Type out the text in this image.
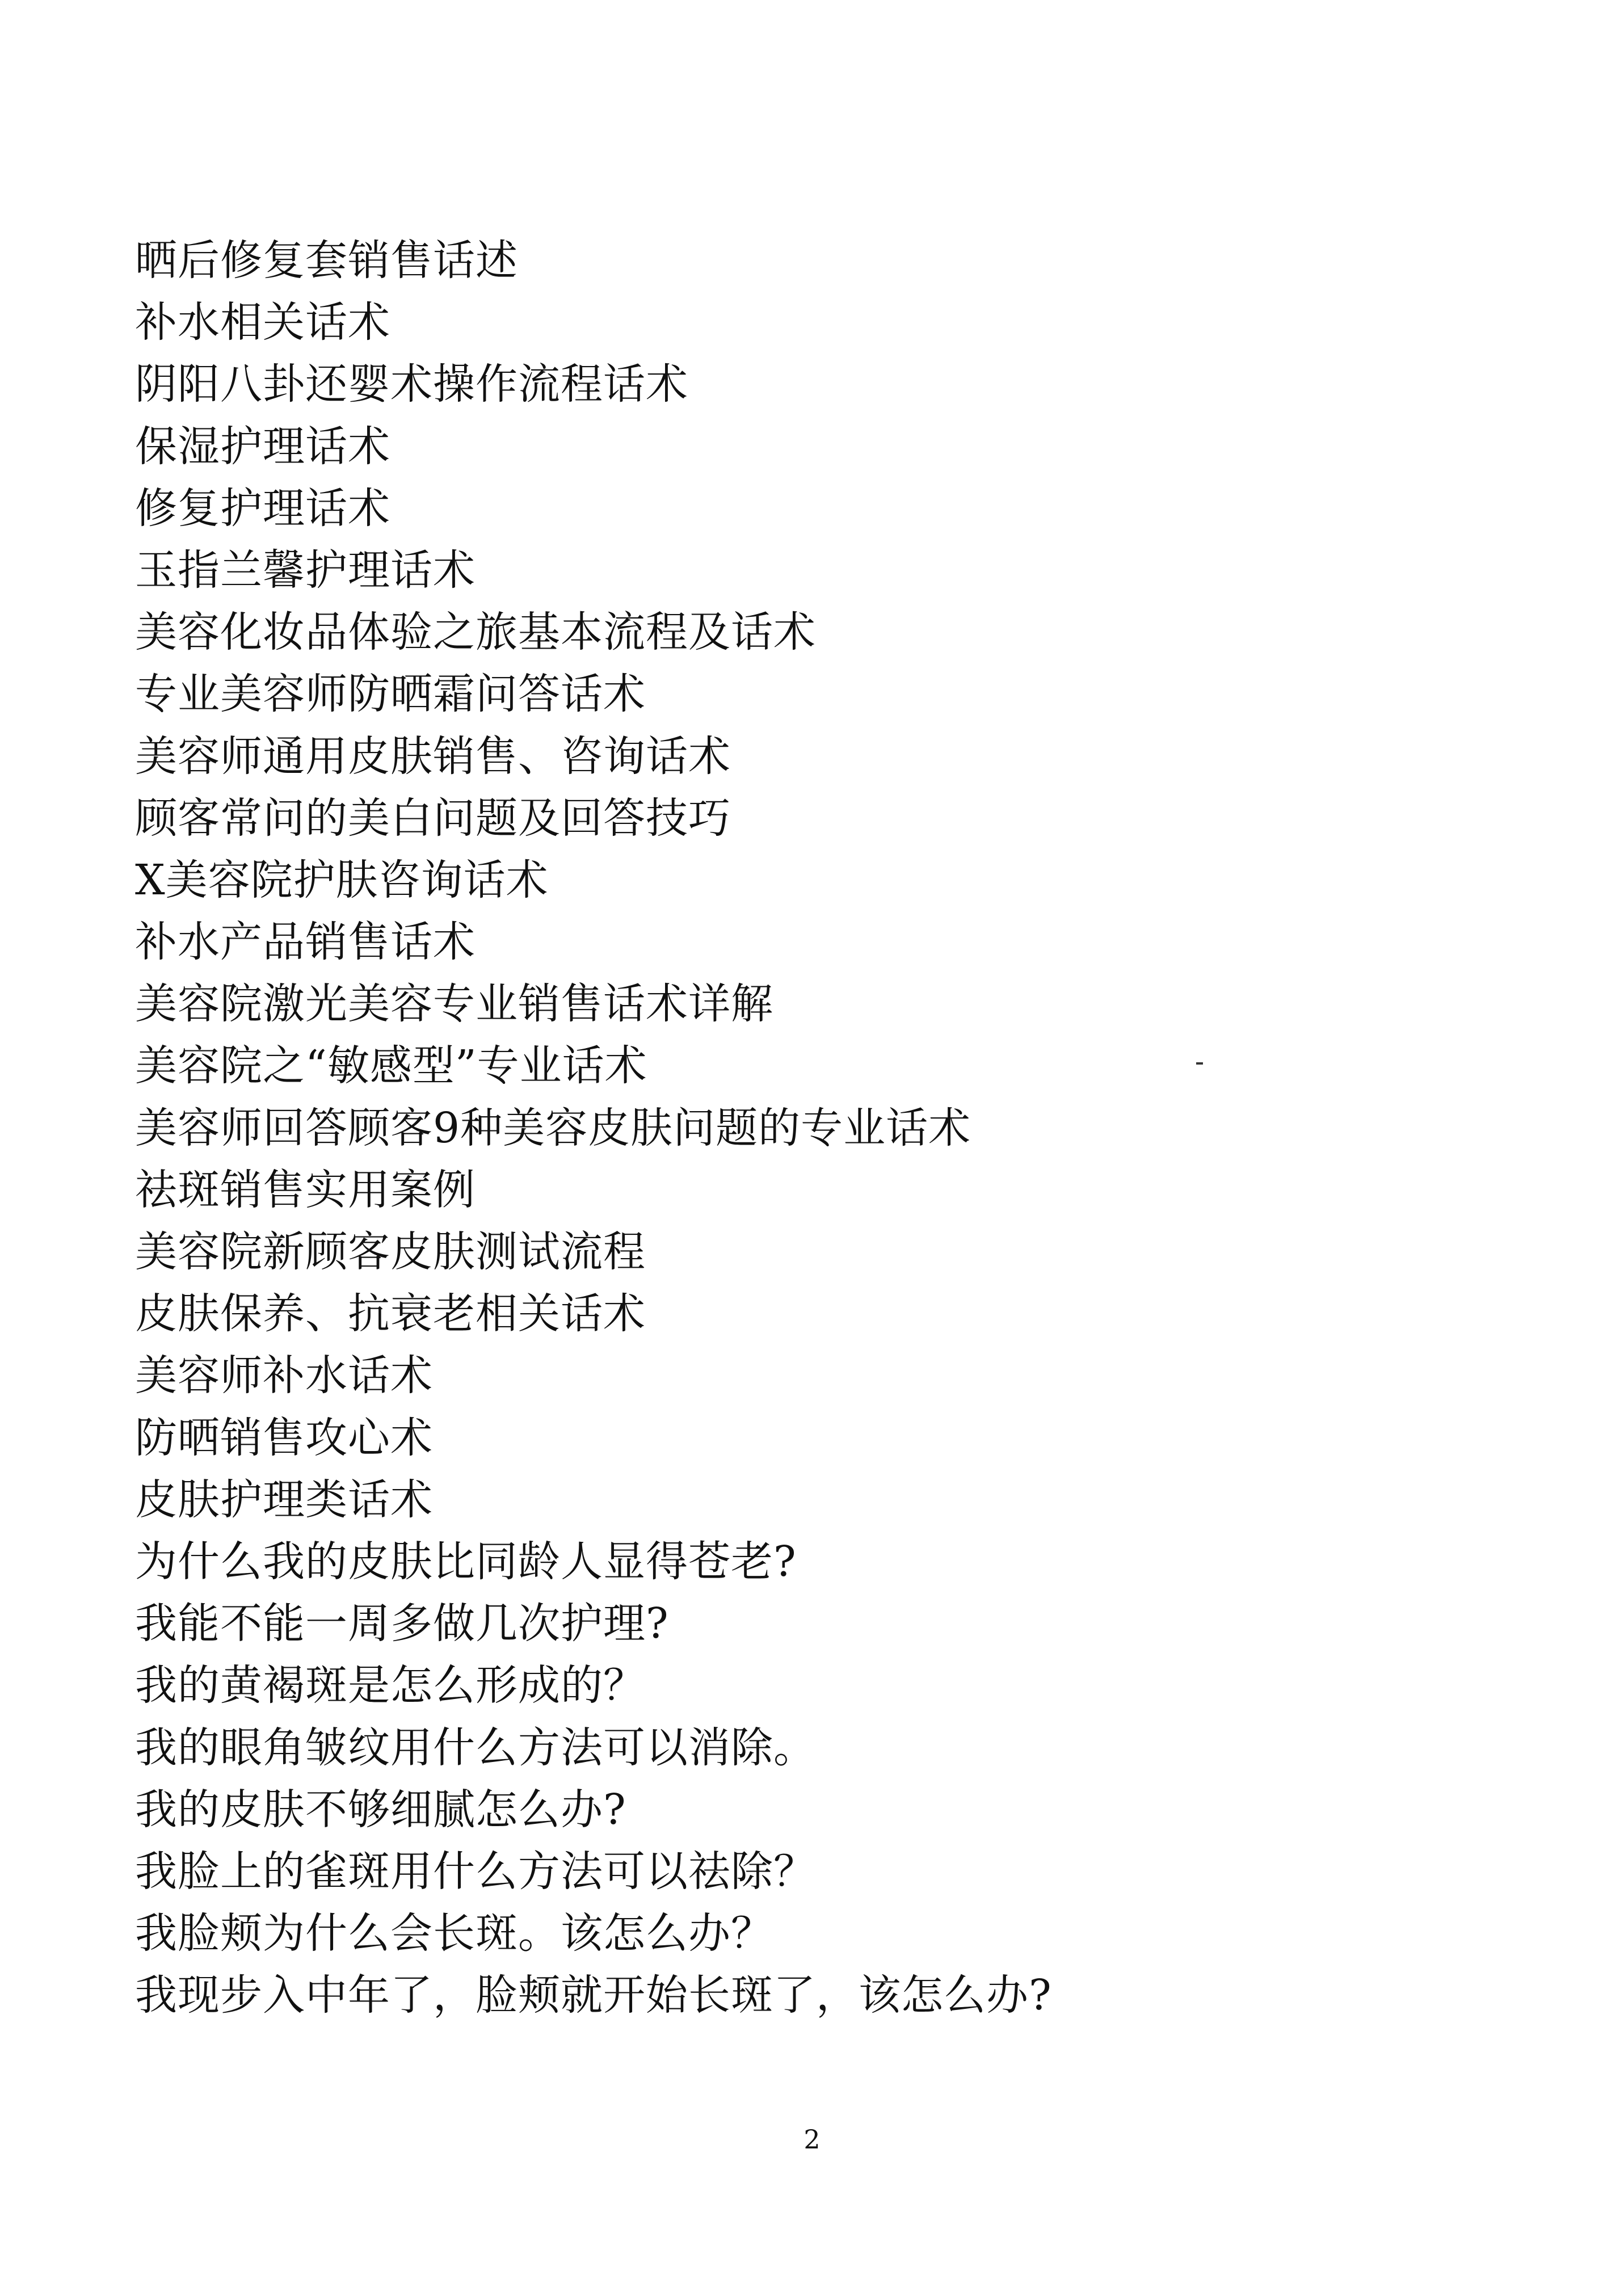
晒后修复套销售话述
补水相关话术
阴阳八卦还婴术操作流程话术
保湿护理话术
修复护理话术
玉指兰馨护理话术
美容化妆品体验之旅基本流程及话术
专业美容师防晒霜问答话术
美容师通用皮肤销售、咨询话术
顾客常问的美白问题及回答技巧
X美容院护肤咨询话术
补水产品销售话术
美容院激光美容专业销售话术详解
美容院之“敏感型”专业话术
美容师回答顾客9种美容皮肤问题的专业话术
祛斑销售实用案例
美容院新顾客皮肤测试流程
皮肤保养、抗衰老相关话术
美容师补水话术
防晒销售攻心术
皮肤护理类话术
为什么我的皮肤比同龄人显得苍老?
我能不能一周多做几次护理?
我的黄褐斑是怎么形成的？
我的眼角皱纹用什么方法可以消除。
我的皮肤不够细腻怎么办?
我脸上的雀斑用什么方法可以祛除？
我脸颊为什么会长斑。该怎么办？
我现步入中年了，脸颊就开始长斑了，该怎么办?
2
